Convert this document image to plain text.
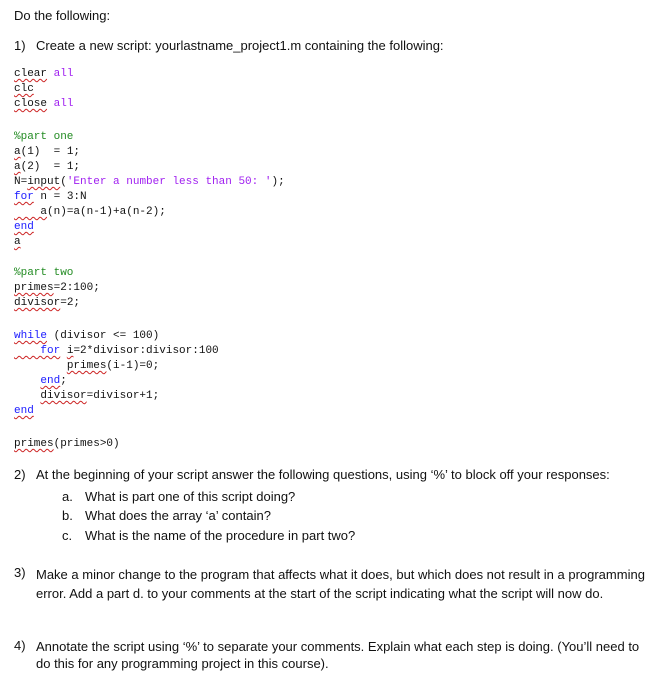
Do the following:
1) Create a new script: yourlastname_project1.m containing the following:
clear all
clc
close all
%part one
a(1)  = 1;
a(2)  = 1;
N=input('Enter a number less than 50: ');
for n = 3:N
a(n)=a(n-1)+a(n-2);
end
a
%part two
primes=2:100;
divisor=2;
while (divisor <= 100)
for i=2*divisor:divisor:100
primes(i-1)=0;
end;
divisor=divisor+1;
end
primes(primes>0)
2) At the beginning of your script answer the following questions, using ‘%’ to block off your responses:
a. What is part one of this script doing?
b. What does the array ‘a’ contain?
c. What is the name of the procedure in part two?
3) Make a minor change to the program that affects what it does, but which does not result in a programming error. Add a part d. to your comments at the start of the script indicating what the script will now do.
4) Annotate the script using ‘%’ to separate your comments. Explain what each step is doing. (You’ll need to do this for any programming project in this course).
